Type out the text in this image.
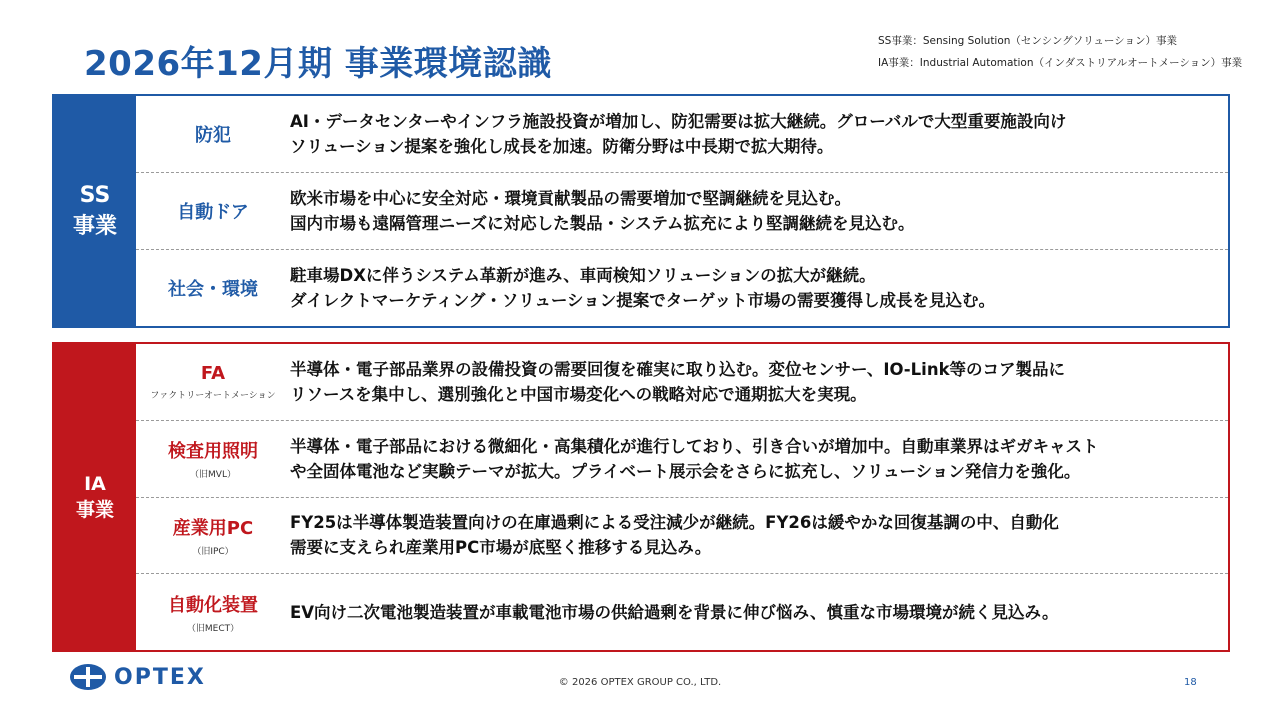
2026年12月期 事業環境認識
SS事業：Sensing Solution（センシングソリューション）事業
IA事業：Industrial Automation（インダストリアルオートメーション）事業
SS
事業
防犯
AI・データセンターやインフラ施設投資が増加し、防犯需要は拡大継続。グローバルで大型重要施設向け
ソリューション提案を強化し成長を加速。防衛分野は中長期で拡大期待。
自動ドア
欧米市場を中心に安全対応・環境貢献製品の需要増加で堅調継続を見込む。
国内市場も遠隔管理ニーズに対応した製品・システム拡充により堅調継続を見込む。
社会・環境
駐車場DXに伴うシステム革新が進み、車両検知ソリューションの拡大が継続。
ダイレクトマーケティング・ソリューション提案でターゲット市場の需要獲得し成長を見込む。
IA
事業
FA
ファクトリーオートメーション
半導体・電子部品業界の設備投資の需要回復を確実に取り込む。変位センサー、IO-Link等のコア製品に
リソースを集中し、選別強化と中国市場変化への戦略対応で通期拡大を実現。
検査用照明
（旧MVL）
半導体・電子部品における微細化・高集積化が進行しており、引き合いが増加中。自動車業界はギガキャスト
や全固体電池など実験テーマが拡大。プライベート展示会をさらに拡充し、ソリューション発信力を強化。
産業用PC
（旧IPC）
FY25は半導体製造装置向けの在庫過剰による受注減少が継続。FY26は緩やかな回復基調の中、自動化
需要に支えられ産業用PC市場が底堅く推移する見込み。
自動化装置
（旧MECT）
EV向け二次電池製造装置が車載電池市場の供給過剰を背景に伸び悩み、慎重な市場環境が続く見込み。
OPTEX	© 2026 OPTEX GROUP CO., LTD.	18
